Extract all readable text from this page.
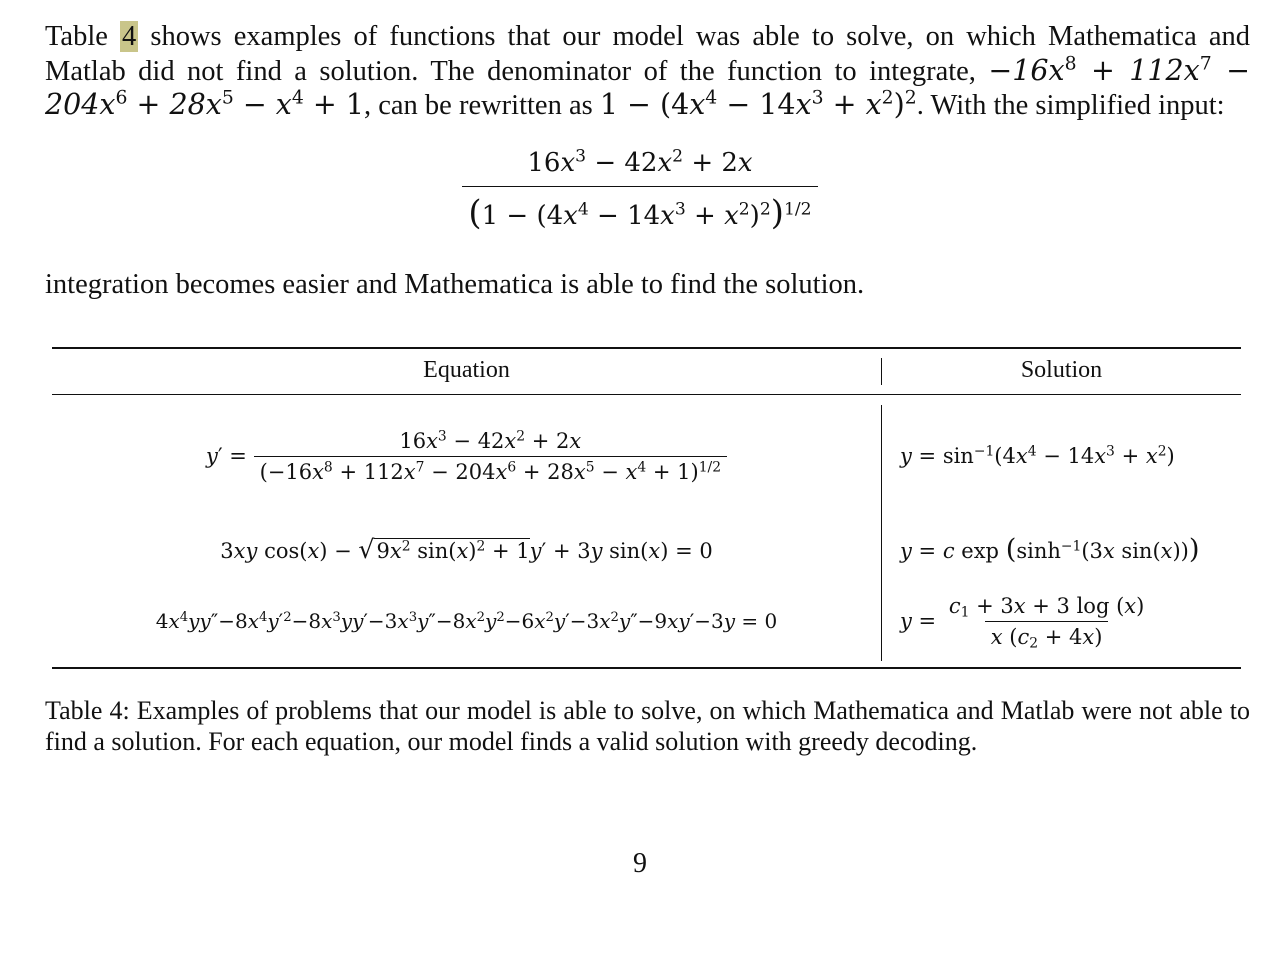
Table 4 shows examples of functions that our model was able to solve, on which Mathematica and Matlab did not find a solution. The denominator of the function to integrate, $-16x^8 + 112x^7 - 204x^6 + 28x^5 - x^4 + 1$, can be rewritten as $1 - (4x^4 - 14x^3 + x^2)^2$. With the simplified input:
$\frac{16x^3 - 42x^2 + 2x}{(1 - (4x^4 - 14x^3 + x^2)^2)^{1/2}}$
integration becomes easier and Mathematica is able to find the solution.
Equation	Solution
$y' = \frac{16x^3 - 42x^2 + 2x}{(-16x^8 + 112x^7 - 204x^6 + 28x^5 - x^4 + 1)^{1/2}}$	$y = \sin^{-1}(4x^4 - 14x^3 + x^2)$
3xy $\cos(x) - √9x^2$ $\sin(x)^2 + 1y' + 3y$ sin(x) = 0	y = c $\exp (\sinh^{-1}(3x$ sin(x)))
$4x^4yy''-8x^4y'^2-8x^3yy'-3x^3y''-8x^2y^2-6x^2y'-3x^2y''-9xy'-3y = 0$	$y = \frac{c_1 + 3x + 3 \log (x)}{x (c_2 + 4x)}$
Table 4: Examples of problems that our model is able to solve, on which Mathematica and Matlab were not able to find a solution. For each equation, our model finds a valid solution with greedy decoding.
9
